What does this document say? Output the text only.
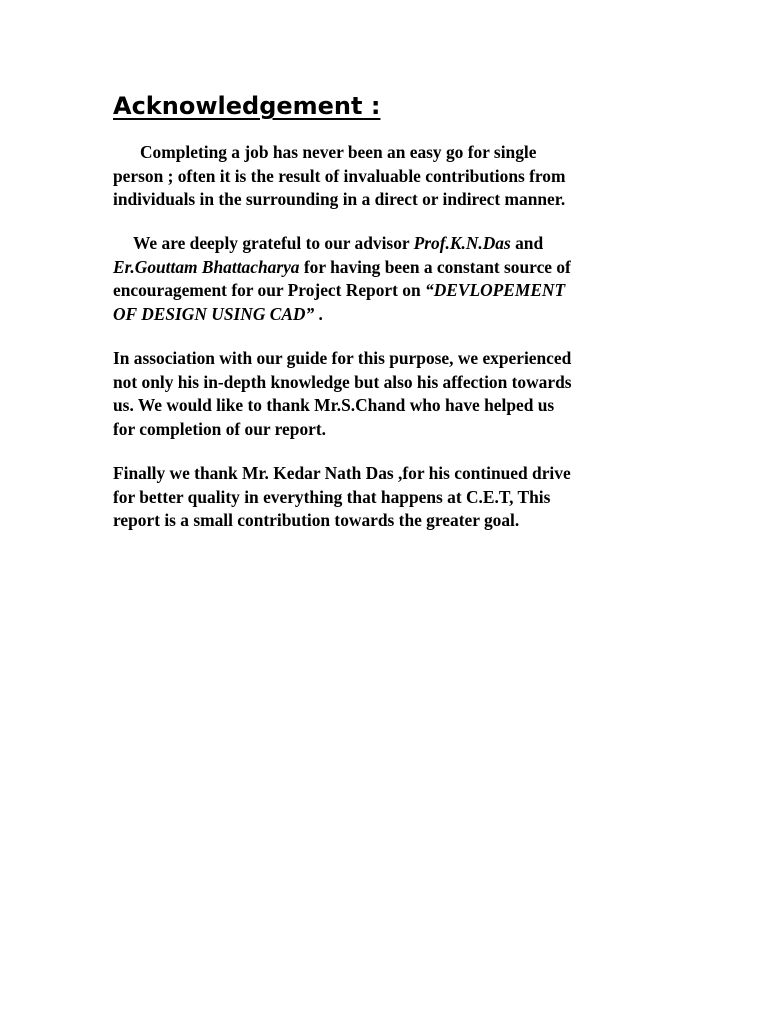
Acknowledgement :

Completing a job has never been an easy go for single
person ; often it is the result of invaluable contributions from
individuals in the surrounding in a direct or indirect manner.

We are deeply grateful to our advisor Prof.K.N.Das and
Er.Gouttam Bhattacharya for having been a constant source of
encouragement for our Project Report on “DEVLOPEMENT
OF DESIGN USING CAD” .

In association with our guide for this purpose, we experienced
not only his in-depth knowledge but also his affection towards
us. We would like to thank Mr.S.Chand who have helped us
for completion of our report.

Finally we thank Mr. Kedar Nath Das ,for his continued drive
for better quality in everything that happens at C.E.T, This
report is a small contribution towards the greater goal.
